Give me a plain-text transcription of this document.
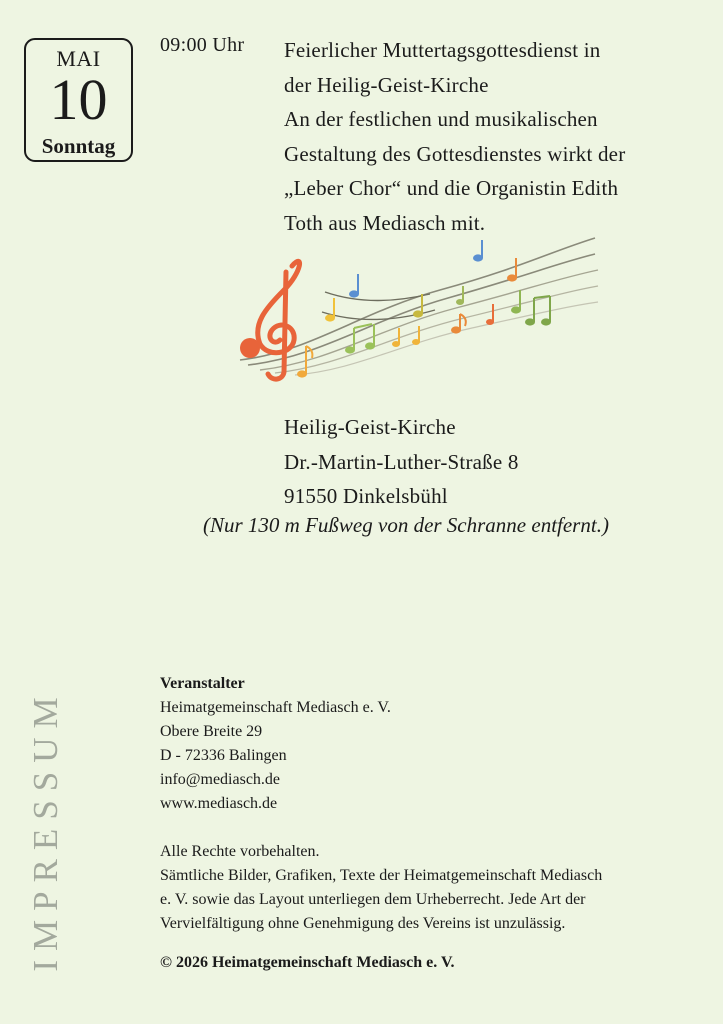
MAI
10
Sonntag
09:00 Uhr Feierlicher Muttertagsgottesdienst in

der Heilig-Geist-Kirche

An der festlichen und musikalischen

Gestaltung des Gottesdienstes wirkt der

„Leber Chor“ und die Organistin Edith

Toth aus Mediasch mit.

Heilig-Geist-Kirche
Dr.-Martin-Luther-Straße 8
91550 Dinkelsbühl
(Nur 130 m Fußweg von der Schranne entfernt.)
IMPRESSUM
Veranstalter
Heimatgemeinschaft Mediasch e. V.
Obere Breite 29
D - 72336 Balingen
info@mediasch.de
www.mediasch.de
Alle Rechte vorbehalten.
Sämtliche Bilder, Grafiken, Texte der Heimatgemeinschaft Mediasch
e. V. sowie das Layout unterliegen dem Urheberrecht. Jede Art der
Vervielfältigung ohne Genehmigung des Vereins ist unzulässig.
© 2026 Heimatgemeinschaft Mediasch e. V.
